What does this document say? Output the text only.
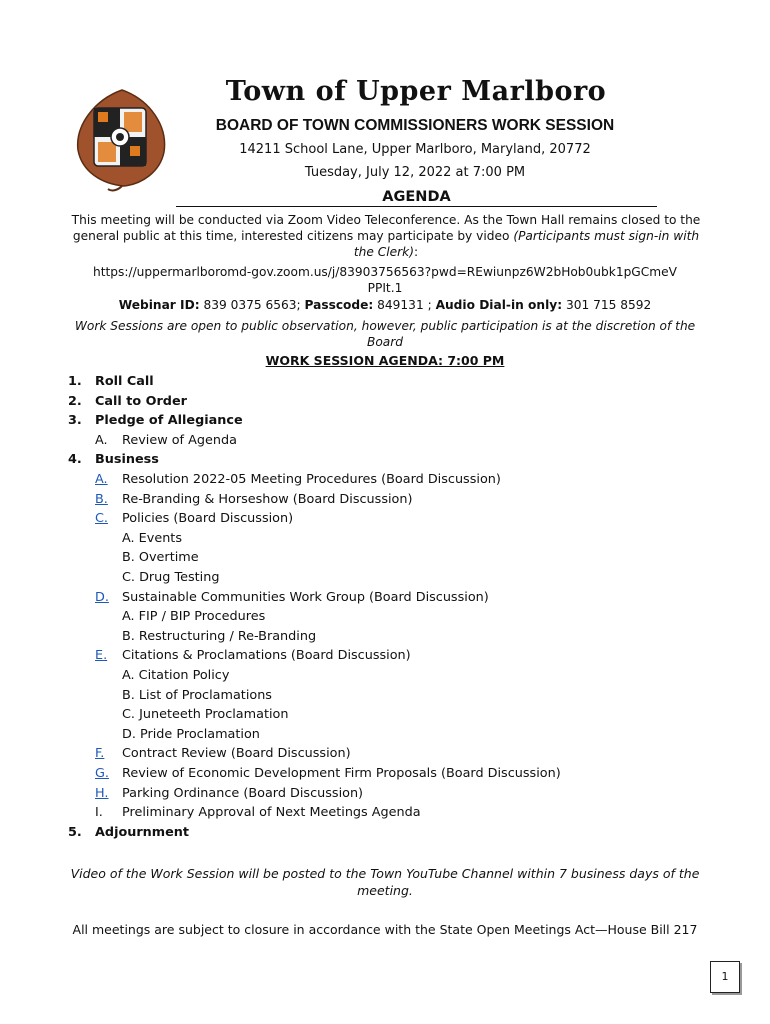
Town of Upper Marlboro
BOARD OF TOWN COMMISSIONERS WORK SESSION
14211 School Lane, Upper Marlboro, Maryland, 20772
Tuesday, July 12, 2022 at 7:00 PM
AGENDA
This meeting will be conducted via Zoom Video Teleconference. As the Town Hall remains closed to the general public at this time, interested citizens may participate by video (Participants must sign-in with the Clerk):
https://uppermarlboromd-gov.zoom.us/j/83903756563?pwd=REwiunpz6W2bHob0ubk1pGCmeVPPIt.1
Webinar ID: 839 0375 6563; Passcode: 849131 ; Audio Dial-in only: 301 715 8592
Work Sessions are open to public observation, however, public participation is at the discretion of the Board
WORK SESSION AGENDA: 7:00 PM
1. Roll Call
2. Call to Order
3. Pledge of Allegiance
A. Review of Agenda
4. Business
A. Resolution 2022-05 Meeting Procedures (Board Discussion)
B. Re-Branding & Horseshow (Board Discussion)
C. Policies (Board Discussion)
A. Events
B. Overtime
C. Drug Testing
D. Sustainable Communities Work Group (Board Discussion)
A. FIP / BIP Procedures
B. Restructuring / Re-Branding
E. Citations & Proclamations (Board Discussion)
A. Citation Policy
B. List of Proclamations
C. Juneteeth Proclamation
D. Pride Proclamation
F. Contract Review (Board Discussion)
G. Review of Economic Development Firm Proposals (Board Discussion)
H. Parking Ordinance (Board Discussion)
I. Preliminary Approval of Next Meetings Agenda
5. Adjournment
Video of the Work Session will be posted to the Town YouTube Channel within 7 business days of the meeting.
All meetings are subject to closure in accordance with the State Open Meetings Act—House Bill 217
1
